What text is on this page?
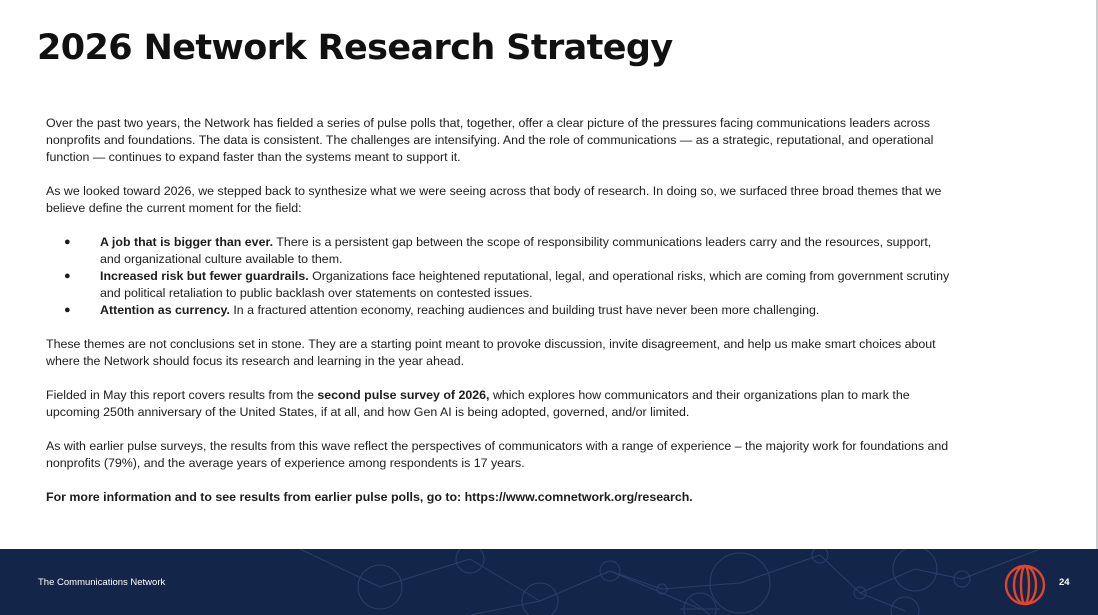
2026 Network Research Strategy

Over the past two years, the Network has fielded a series of pulse polls that, together, offer a clear picture of the pressures facing communications leaders across nonprofits and foundations. The data is consistent. The challenges are intensifying. And the role of communications — as a strategic, reputational, and operational function — continues to expand faster than the systems meant to support it.

As we looked toward 2026, we stepped back to synthesize what we were seeing across that body of research. In doing so, we surfaced three broad themes that we believe define the current moment for the field:

● A job that is bigger than ever. There is a persistent gap between the scope of responsibility communications leaders carry and the resources, support, and organizational culture available to them.
● Increased risk but fewer guardrails. Organizations face heightened reputational, legal, and operational risks, which are coming from government scrutiny and political retaliation to public backlash over statements on contested issues.
● Attention as currency. In a fractured attention economy, reaching audiences and building trust have never been more challenging.

These themes are not conclusions set in stone. They are a starting point meant to provoke discussion, invite disagreement, and help us make smart choices about where the Network should focus its research and learning in the year ahead.

Fielded in May this report covers results from the second pulse survey of 2026, which explores how communicators and their organizations plan to mark the upcoming 250th anniversary of the United States, if at all, and how Gen AI is being adopted, governed, and/or limited.

As with earlier pulse surveys, the results from this wave reflect the perspectives of communicators with a range of experience – the majority work for foundations and nonprofits (79%), and the average years of experience among respondents is 17 years.

For more information and to see results from earlier pulse polls, go to: https://www.comnetwork.org/research.

The Communications Network	24
